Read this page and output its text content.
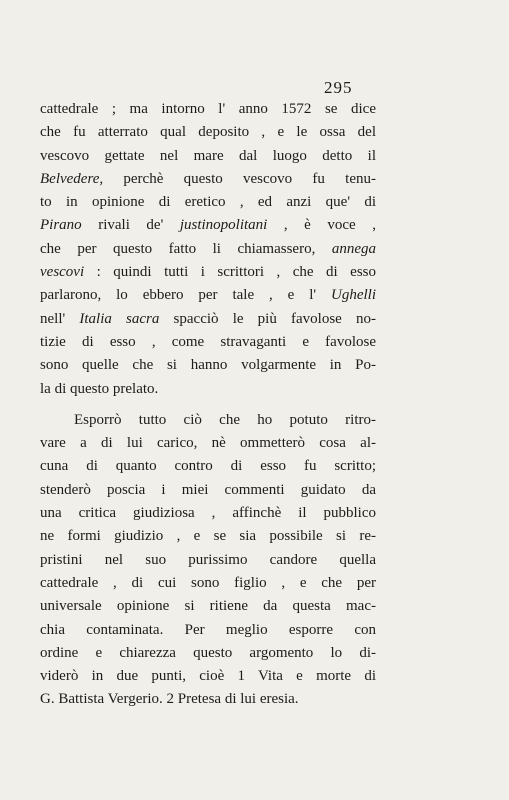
295
cattedrale ; ma intorno l' anno 1572 se dice
che fu atterrato qual deposito , e le ossa del
vescovo gettate nel mare dal luogo detto il
Belvedere, perchè questo vescovo fu tenu-
to in opinione di eretico , ed anzi que' di
Pirano rivali de' justinopolitani , è voce ,
che per questo fatto li chiamassero, annega
vescovi : quindi tutti i scrittori , che di esso
parlarono, lo ebbero per tale , e l' Ughelli
nell' Italia sacra spacciò le più favolose no-
tizie di esso , come stravaganti e favolose
sono quelle che si hanno volgarmente in Po-
la di questo prelato.
Esporrò tutto ciò che ho potuto ritro-
vare a di lui carico, nè ommetterò cosa al-
cuna di quanto contro di esso fu scritto;
stenderò poscia i miei commenti guidato da
una critica giudiziosa , affinchè il pubblico
ne formi giudizio , e se sia possibile si re-
pristini nel suo purissimo candore quella
cattedrale , di cui sono figlio , e che per
universale opinione si ritiene da questa mac-
chia contaminata. Per meglio esporre con
ordine e chiarezza questo argomento lo di-
viderò in due punti, cioè 1 Vita e morte di
G. Battista Vergerio. 2 Pretesa di lui eresia.
